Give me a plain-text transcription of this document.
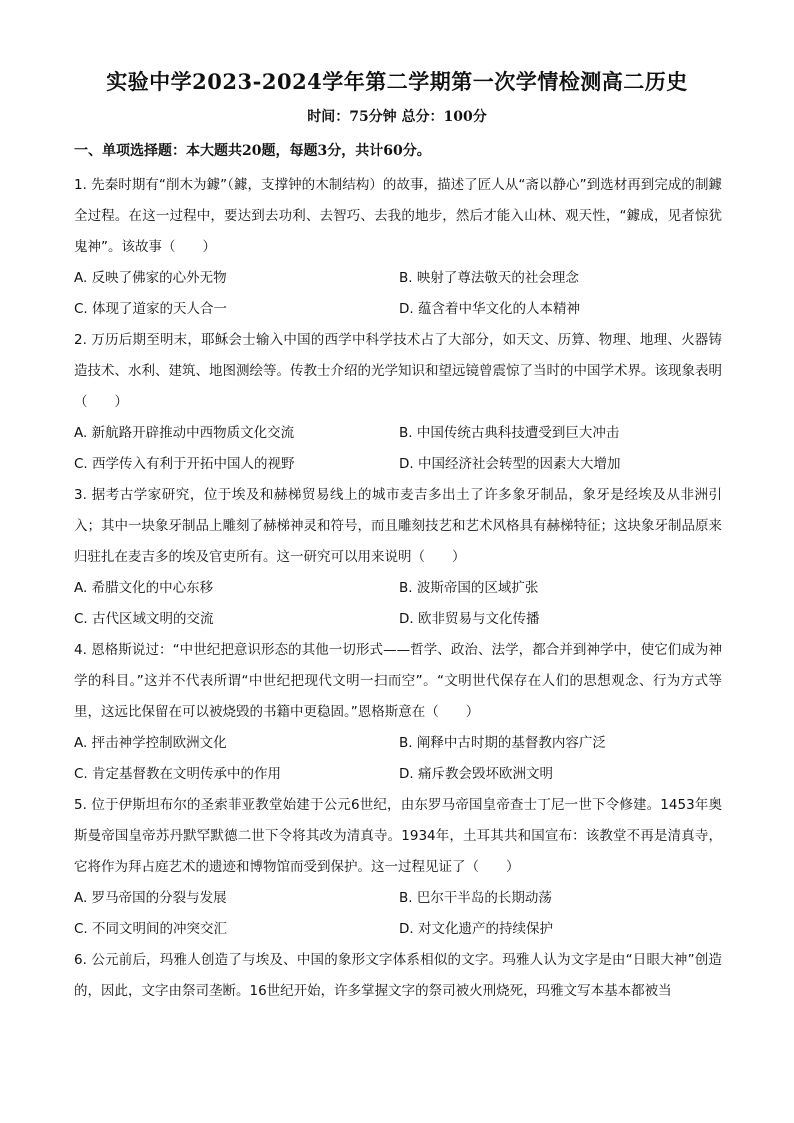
实验中学2023-2024学年第二学期第一次学情检测高二历史
时间：75分钟 总分：100分
一、单项选择题：本大题共20题，每题3分，共计60分。

1. 先秦时期有“削木为鐻”（鐻，支撑钟的木制结构）的故事，描述了匠人从“斋以静心”到选材再到完成的制鐻全过程。在这一过程中，要达到去功利、去智巧、去我的地步，然后才能入山林、观天性，“鐻成，见者惊犹鬼神”。该故事（　　）

A. 反映了佛家的心外无物	B. 映射了尊法敬天的社会理念
C. 体现了道家的天人合一	D. 蕴含着中华文化的人本精神

2. 万历后期至明末，耶稣会士输入中国的西学中科学技术占了大部分，如天文、历算、物理、地理、火器铸造技术、水利、建筑、地图测绘等。传教士介绍的光学知识和望远镜曾震惊了当时的中国学术界。该现象表明（　　）

A. 新航路开辟推动中西物质文化交流	B. 中国传统古典科技遭受到巨大冲击
C. 西学传入有利于开拓中国人的视野	D. 中国经济社会转型的因素大大增加

3. 据考古学家研究，位于埃及和赫梯贸易线上的城市麦吉多出土了许多象牙制品，象牙是经埃及从非洲引入；其中一块象牙制品上雕刻了赫梯神灵和符号，而且雕刻技艺和艺术风格具有赫梯特征；这块象牙制品原来归驻扎在麦吉多的埃及官吏所有。这一研究可以用来说明（　　）

A. 希腊文化的中心东移	B. 波斯帝国的区域扩张
C. 古代区域文明的交流	D. 欧非贸易与文化传播

4. 恩格斯说过：“中世纪把意识形态的其他一切形式——哲学、政治、法学，都合并到神学中，使它们成为神学的科目。”这并不代表所谓“中世纪把现代文明一扫而空”。“文明世代保存在人们的思想观念、行为方式等里，这远比保留在可以被烧毁的书籍中更稳固。”恩格斯意在（　　）

A. 抨击神学控制欧洲文化	B. 阐释中古时期的基督教内容广泛
C. 肯定基督教在文明传承中的作用	D. 痛斥教会毁坏欧洲文明

5. 位于伊斯坦布尔的圣索菲亚教堂始建于公元6世纪，由东罗马帝国皇帝查士丁尼一世下令修建。1453年奥斯曼帝国皇帝苏丹默罕默德二世下令将其改为清真寺。1934年，土耳其共和国宣布：该教堂不再是清真寺，它将作为拜占庭艺术的遗迹和博物馆而受到保护。这一过程见证了（　　）

A. 罗马帝国的分裂与发展	B. 巴尔干半岛的长期动荡
C. 不同文明间的冲突交汇	D. 对文化遗产的持续保护

6. 公元前后，玛雅人创造了与埃及、中国的象形文字体系相似的文字。玛雅人认为文字是由“日眼大神”创造的，因此，文字由祭司垄断。16世纪开始，许多掌握文字的祭司被火刑烧死，玛雅文写本基本都被当
